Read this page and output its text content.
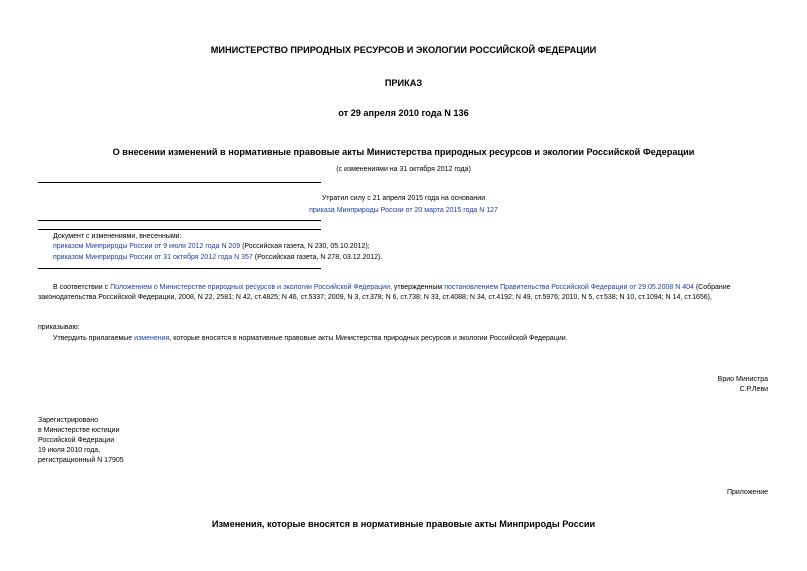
МИНИСТЕРСТВО ПРИРОДНЫХ РЕСУРСОВ И ЭКОЛОГИИ РОССИЙСКОЙ ФЕДЕРАЦИИ
ПРИКАЗ
от 29 апреля 2010 года N 136
О внесении изменений в нормативные правовые акты Министерства природных ресурсов и экологии Российской Федерации
(с изменениями на 31 октября 2012 года)
Утратил силу с 21 апреля 2015 года на основании
приказа Минприроды России от 20 марта 2015 года N 127
Документ с изменениями, внесенными:
приказом Минприроды России от 9 июля 2012 года N 209 (Российская газета, N 230, 05.10.2012);
приказом Минприроды России от 31 октября 2012 года N 357 (Российская газета, N 278, 03.12.2012).
В соответствии с Положением о Министерстве природных ресурсов и экологии Российской Федерации, утвержденным постановлением Правительства Российской Федерации от 29.05.2008 N 404 (Собрание
законодательства Российской Федерации, 2008, N 22, 2581; N 42, ст.4825; N 46, ст.5337; 2009, N 3, ст.378; N 6, ст.738; N 33, ст.4088; N 34, ст.4192; N 49, ст.5976; 2010, N 5, ст.538; N 10, ст.1094; N 14, ст.1656),
приказываю:
Утвердить прилагаемые изменения, которые вносятся в нормативные правовые акты Министерства природных ресурсов и экологии Российской Федерации.
Врио Министра
С.Р.Леви
Зарегистрировано
в Министерстве юстиции
Российской Федерации
19 июля 2010 года,
регистрационный N 17905
Приложение
Изменения, которые вносятся в нормативные правовые акты Минприроды России
